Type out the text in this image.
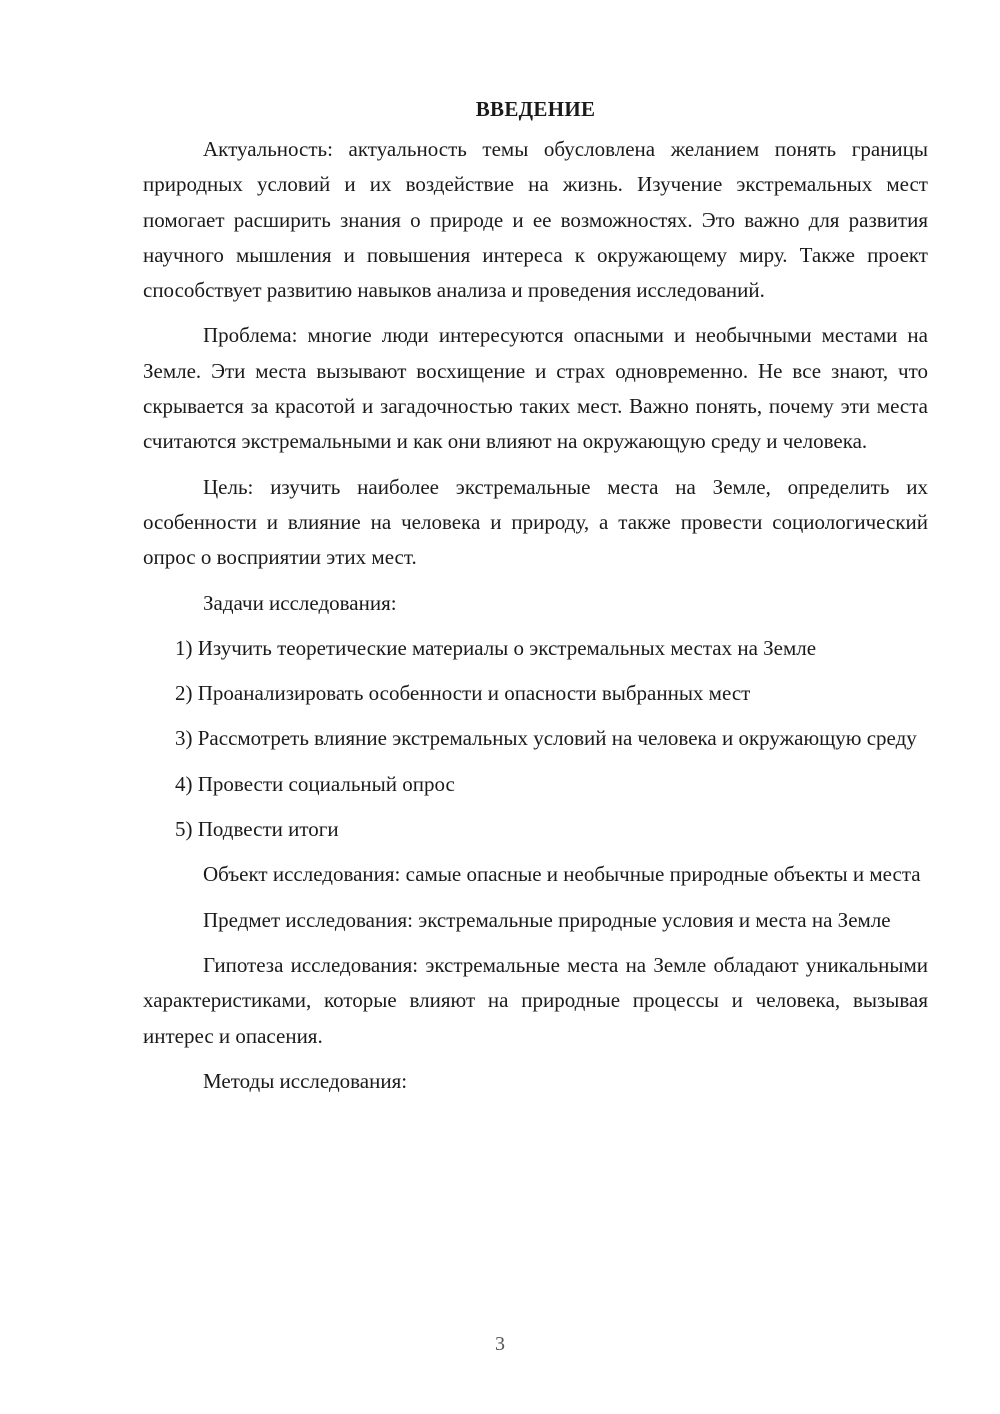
ВВЕДЕНИЕ

Актуальность: актуальность темы обусловлена желанием понять границы природных условий и их воздействие на жизнь. Изучение экстремальных мест помогает расширить знания о природе и ее возможностях. Это важно для развития научного мышления и повышения интереса к окружающему миру. Также проект способствует развитию навыков анализа и проведения исследований.

Проблема: многие люди интересуются опасными и необычными местами на Земле. Эти места вызывают восхищение и страх одновременно. Не все знают, что скрывается за красотой и загадочностью таких мест. Важно понять, почему эти места считаются экстремальными и как они влияют на окружающую среду и человека.

Цель: изучить наиболее экстремальные места на Земле, определить их особенности и влияние на человека и природу, а также провести социологический опрос о восприятии этих мест.

Задачи исследования:

1) Изучить теоретические материалы о экстремальных местах на Земле

2) Проанализировать особенности и опасности выбранных мест

3) Рассмотреть влияние экстремальных условий на человека и окружающую среду

4) Провести социальный опрос

5) Подвести итоги

Объект исследования: самые опасные и необычные природные объекты и места

Предмет исследования: экстремальные природные условия и места на Земле

Гипотеза исследования: экстремальные места на Земле обладают уникальными характеристиками, которые влияют на природные процессы и человека, вызывая интерес и опасения.

Методы исследования:

3
